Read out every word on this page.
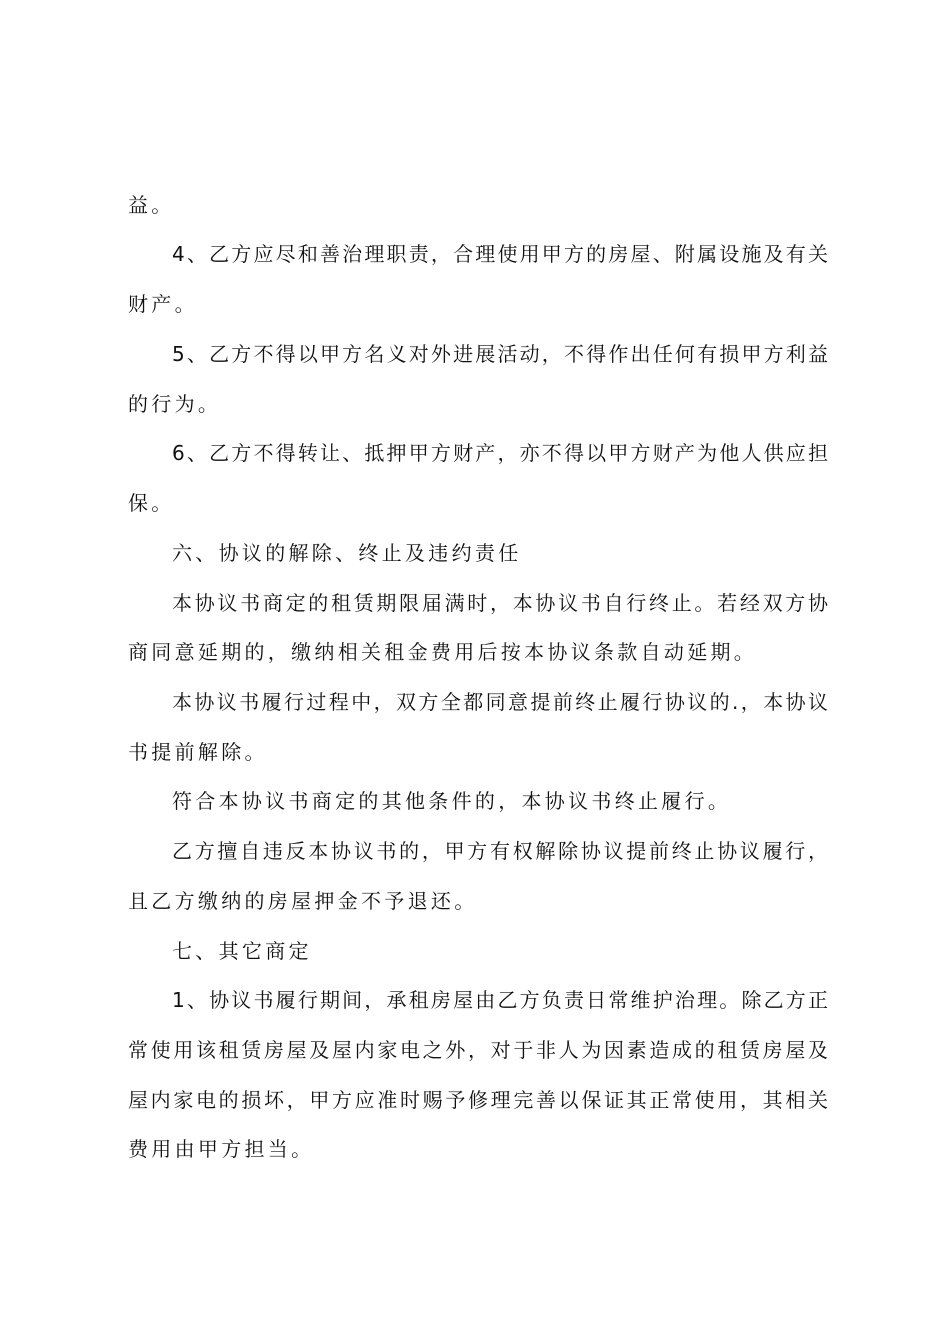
益。
4、乙方应尽和善治理职责，合理使用甲方的房屋、附属设施及有关
财产。
5、乙方不得以甲方名义对外进展活动，不得作出任何有损甲方利益
的行为。
6、乙方不得转让、抵押甲方财产，亦不得以甲方财产为他人供应担
保。
六、协议的解除、终止及违约责任
本协议书商定的租赁期限届满时，本协议书自行终止。若经双方协
商同意延期的，缴纳相关租金费用后按本协议条款自动延期。
本协议书履行过程中，双方全都同意提前终止履行协议的.，本协议
书提前解除。
符合本协议书商定的其他条件的，本协议书终止履行。
乙方擅自违反本协议书的，甲方有权解除协议提前终止协议履行，
且乙方缴纳的房屋押金不予退还。
七、其它商定
1、协议书履行期间，承租房屋由乙方负责日常维护治理。除乙方正
常使用该租赁房屋及屋内家电之外，对于非人为因素造成的租赁房屋及
屋内家电的损坏，甲方应准时赐予修理完善以保证其正常使用，其相关
费用由甲方担当。
